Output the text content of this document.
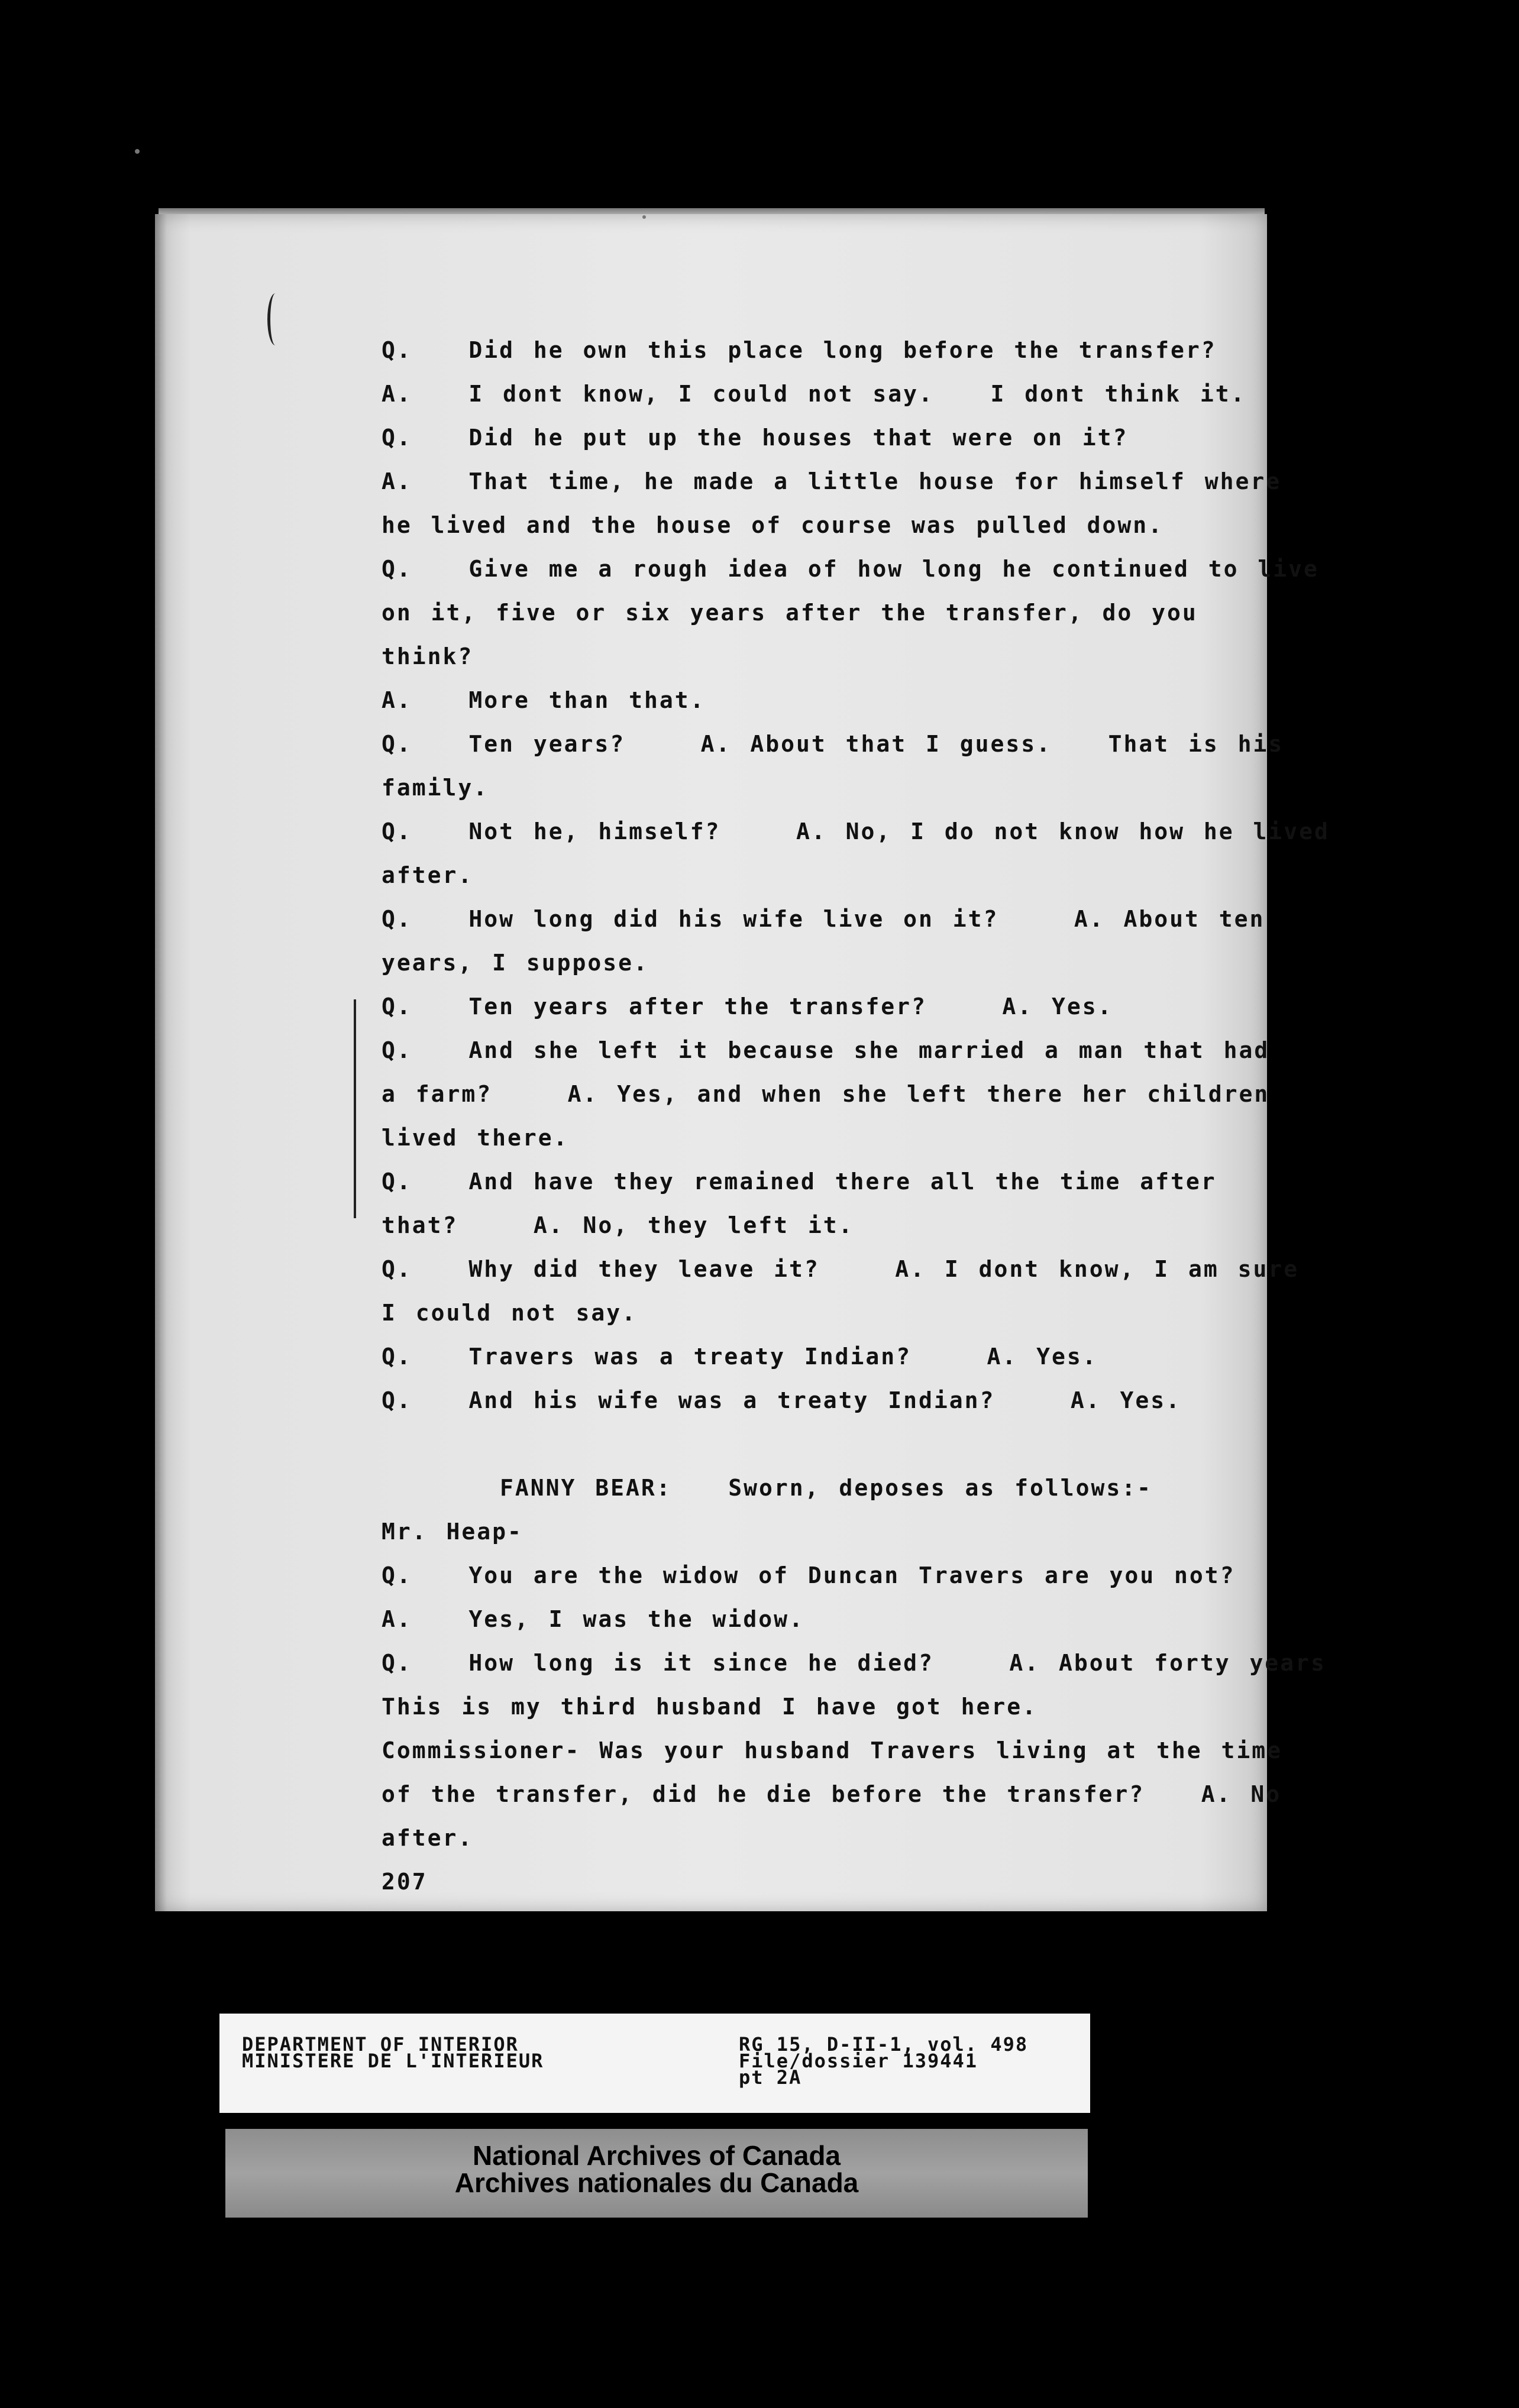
Q.   Did he own this place long before the transfer?
A.   I dont know, I could not say.   I dont think it.
Q.   Did he put up the houses that were on it?
A.   That time, he made a little house for himself where
he lived and the house of course was pulled down.
Q.   Give me a rough idea of how long he continued to live
on it, five or six years after the transfer, do you
think?
A.   More than that.
Q.   Ten years?    A. About that I guess.   That is his
family.
Q.   Not he, himself?    A. No, I do not know how he lived
after.
Q.   How long did his wife live on it?    A. About ten
years, I suppose.
Q.   Ten years after the transfer?    A. Yes.
Q.   And she left it because she married a man that had
a farm?    A. Yes, and when she left there her children
lived there.
Q.   And have they remained there all the time after
that?    A. No, they left it.
Q.   Why did they leave it?    A. I dont know, I am sure
I could not say.
Q.   Travers was a treaty Indian?    A. Yes.
Q.   And his wife was a treaty Indian?    A. Yes.
FANNY BEAR:   Sworn, deposes as follows:-
Mr. Heap-
Q.   You are the widow of Duncan Travers are you not?
A.   Yes, I was the widow.
Q.   How long is it since he died?    A. About forty years
This is my third husband I have got here.
Commissioner- Was your husband Travers living at the time
of the transfer, did he die before the transfer?   A. No
after.
207
DEPARTMENT OF INTERIOR
MINISTERE DE L'INTERIEUR
RG 15, D-II-1, vol. 498
File/dossier 139441
pt 2A
National Archives of Canada
Archives nationales du Canada
